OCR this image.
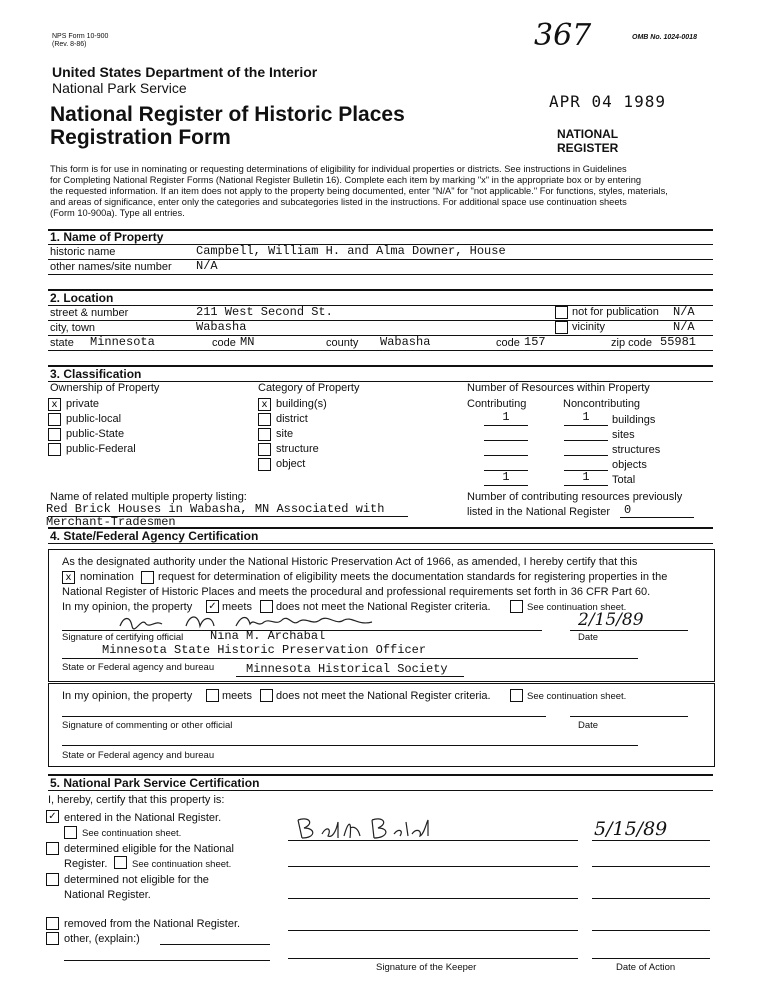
NPS Form 10-900
(Rev. 8-86)	367	OMB No. 1024-0018
United States Department of the Interior
National Park Service
National Register of Historic Places
Registration Form
APR 04 1989
NATIONAL
REGISTER
This form is for use in nominating or requesting determinations of eligibility for individual properties or districts. See instructions in Guidelines
for Completing National Register Forms (National Register Bulletin 16). Complete each item by marking "x" in the appropriate box or by entering
the requested information. If an item does not apply to the property being documented, enter "N/A" for "not applicable." For functions, styles, materials,
and areas of significance, enter only the categories and subcategories listed in the instructions. For additional space use continuation sheets
(Form 10-900a). Type all entries.
1. Name of Property
historic name	Campbell, William H. and Alma Downer, House
other names/site number N/A
2. Location
street & number	211 West Second St.	not for publication N/A
city, town	Wabasha	vicinity	N/A
state Minnesota	code MN	county Wabasha	code 157	zip code 55981
3. Classification
Ownership of Property
x private
public-local
public-State
public-Federal
Category of Property
x building(s)
district
site
structure
object
Number of Resources within Property
Contributing	Noncontributing
1	1	buildings
sites
structures
objects
1	1	Total
Name of related multiple property listing:
Red Brick Houses in Wabasha, MN Associated with
Merchant-Tradesmen
Number of contributing resources previously
listed in the National Register 0
4. State/Federal Agency Certification
As the designated authority under the National Historic Preservation Act of 1966, as amended, I hereby certify that this
x nomination request for determination of eligibility meets the documentation standards for registering properties in the
National Register of Historic Places and meets the procedural and professional requirements set forth in 36 CFR Part 60.
In my opinion, the property ✓ meets does not meet the National Register criteria.	See continuation sheet.
2/15/89
Signature of certifying official Nina M. Archabal	Date
Minnesota State Historic Preservation Officer
State or Federal agency and bureau	Minnesota Historical Society
In my opinion, the property	meets does not meet the National Register criteria.	See continuation sheet.
Signature of commenting or other official	Date
State or Federal agency and bureau
5. National Park Service Certification
I, hereby, certify that this property is:
✓ entered in the National Register.
See continuation sheet.
determined eligible for the National
Register.	See continuation sheet.
determined not eligible for the
National Register.
removed from the National Register.
other, (explain:)
5/15/89
Signature of the Keeper	Date of Action
